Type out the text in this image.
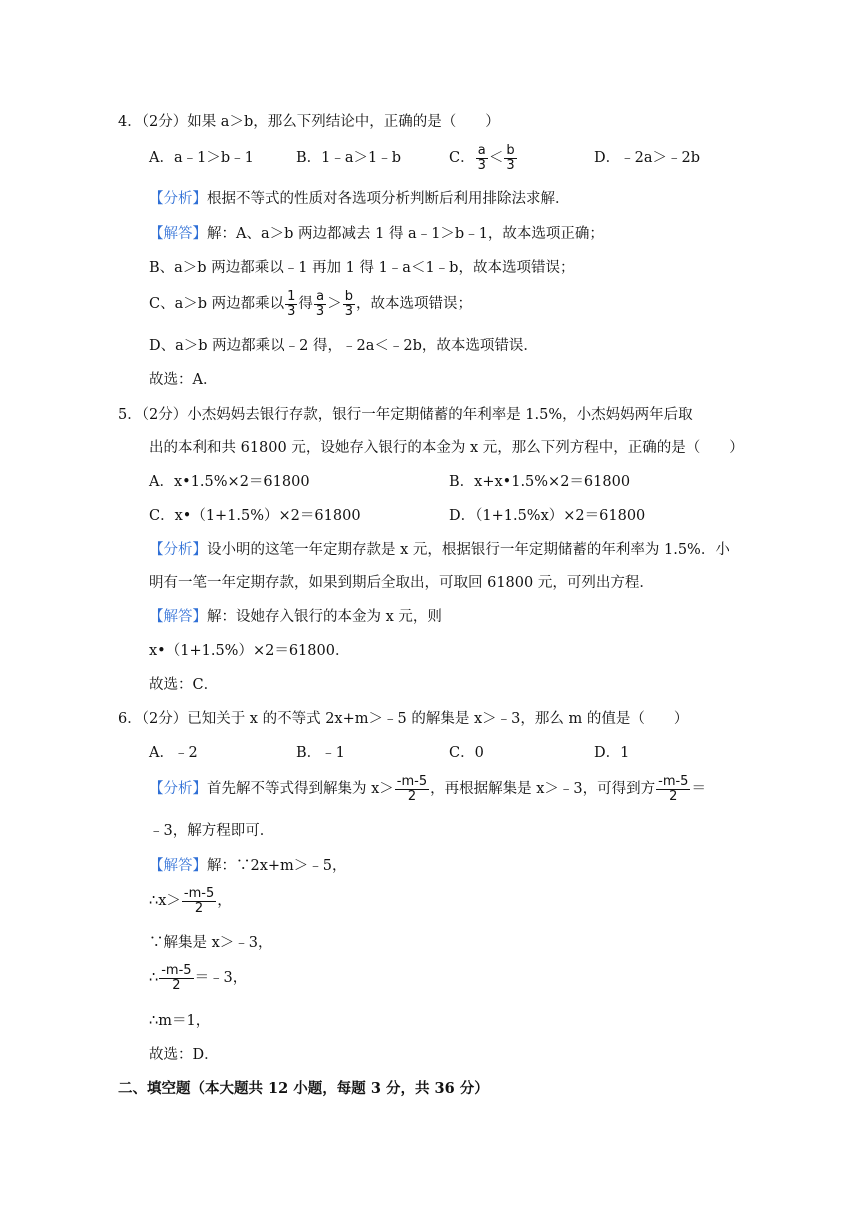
4．（2分）如果 a＞b，那么下列结论中，正确的是（　　）
A．a﹣1＞b﹣1	B．1﹣a＞1﹣b	C． $\frac{a}{3} < \frac{b}{3}$	D．﹣2a＞﹣2b
【分析】根据不等式的性质对各选项分析判断后利用排除法求解．
【解答】解：A、a＞b 两边都减去 1 得 a﹣1＞b﹣1，故本选项正确；
B、a＞b 两边都乘以﹣1 再加 1 得 1﹣a＜1﹣b，故本选项错误；
C、a＞b 两边都乘以 $\frac{1}{3}$ 得 $\frac{a}{3} > \frac{b}{3}$ ，故本选项错误；
D、a＞b 两边都乘以﹣2 得，﹣2a＜﹣2b，故本选项错误．
故选：A．
5．（2分）小杰妈妈去银行存款，银行一年定期储蓄的年利率是 1.5%，小杰妈妈两年后取
出的本利和共 61800 元，设她存入银行的本金为 x 元，那么下列方程中，正确的是（　　）
A．x•1.5%×2＝61800	B．x+x•1.5%×2＝61800
C．x•（1+1.5%）×2＝61800	D．（1+1.5%x）×2＝61800
【分析】设小明的这笔一年定期存款是 x 元，根据银行一年定期储蓄的年利率为 1.5%．小
明有一笔一年定期存款，如果到期后全取出，可取回 61800 元，可列出方程．
【解答】解：设她存入银行的本金为 x 元，则
x•（1+1.5%）×2＝61800．
故选：C．
6．（2分）已知关于 x 的不等式 2x+m＞﹣5 的解集是 x＞﹣3，那么 m 的值是（　　）
A．﹣2	B．﹣1	C．0	D．1
【分析】首先解不等式得到解集为 $x> \frac{-m-5}{2}$ ，再根据解集是 x＞﹣3，可得到方 $\frac{-m-5}{2}$ ＝
﹣3，解方程即可．
【解答】解：∵2x+m＞﹣5，
∴x＞ $\frac{-m-5}{2}$ ，
∵解集是 x＞﹣3，
∴ $\frac{-m-5}{2}$ ＝﹣3，
∴m＝1，
故选：D．
二、填空题（本大题共 12 小题，每题 3 分，共 36 分）
